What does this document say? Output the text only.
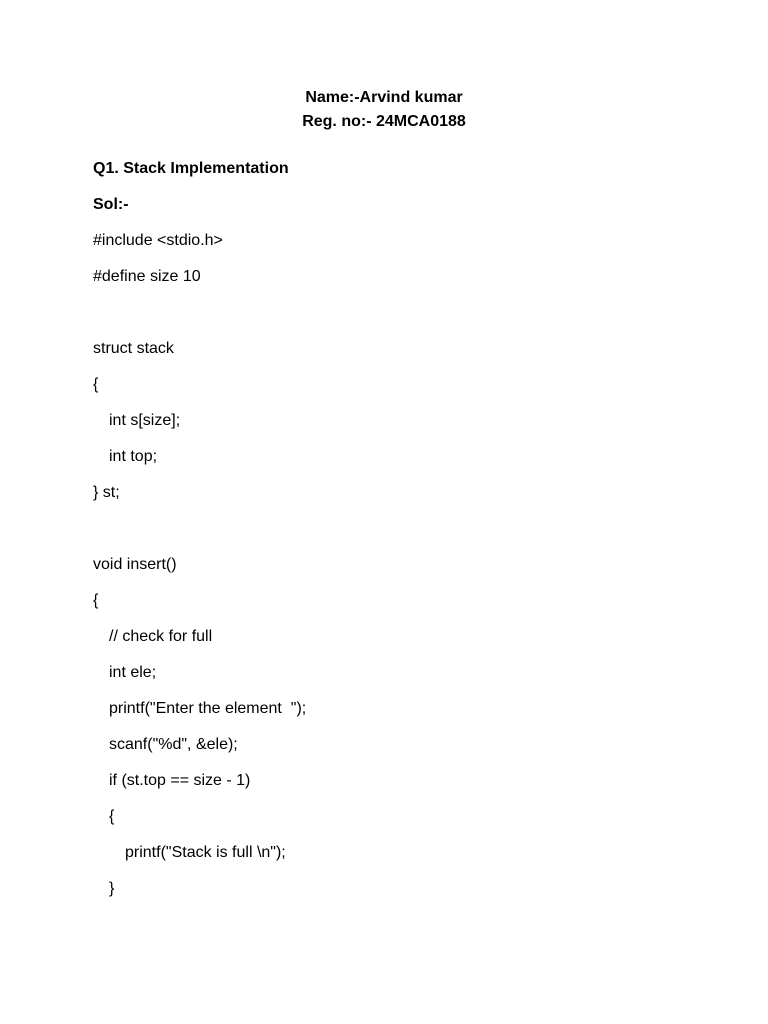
Name:-Arvind kumar
Reg. no:- 24MCA0188
Q1. Stack Implementation
Sol:-
#include <stdio.h>
#define size 10
struct stack
{
int s[size];
int top;
} st;
void insert()
{
// check for full
int ele;
printf("Enter the element  ");
scanf("%d", &ele);
if (st.top == size - 1)
{
printf("Stack is full \n");
}
